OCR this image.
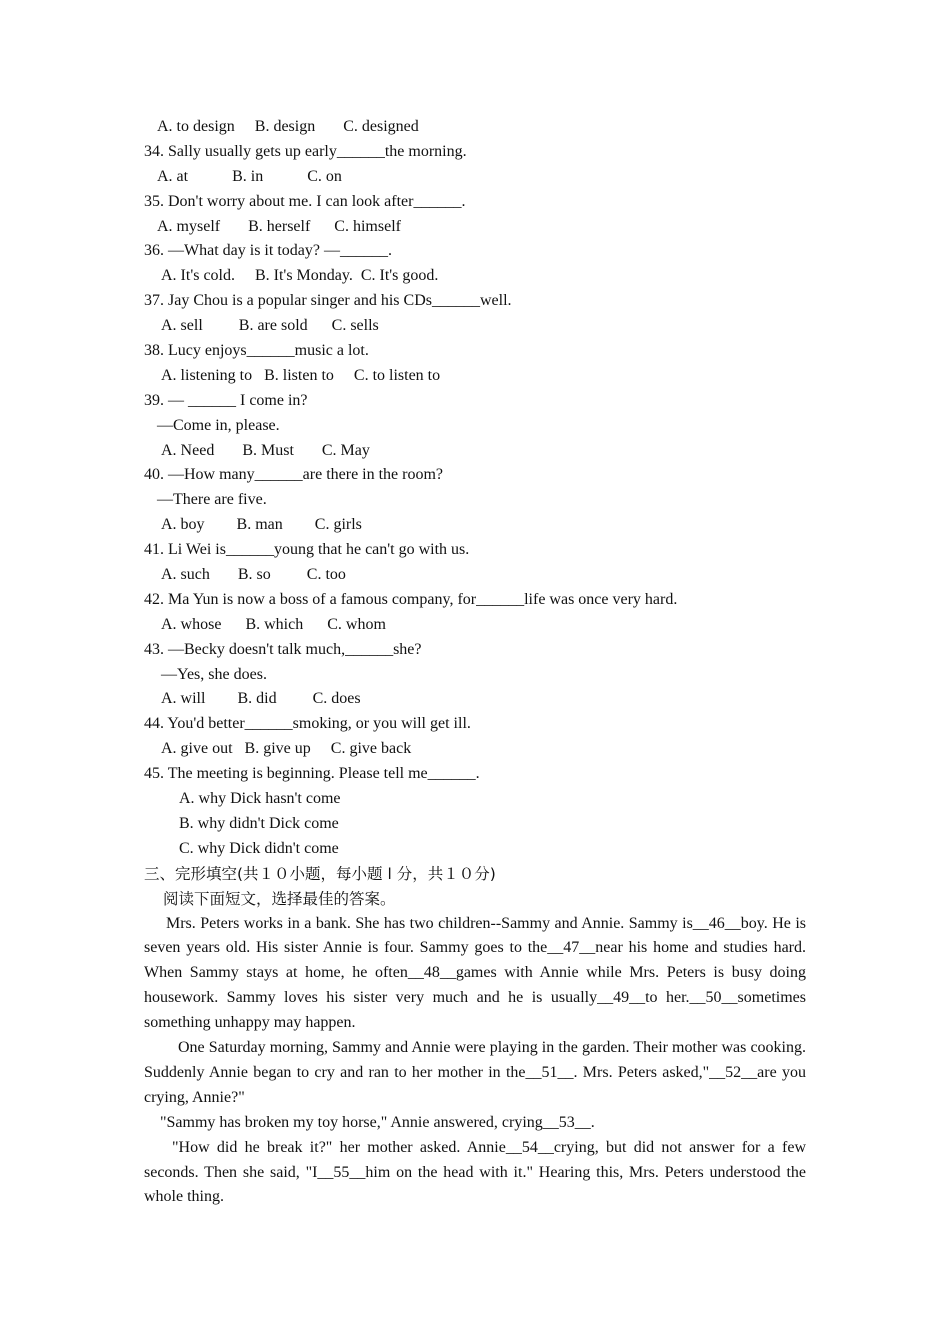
A. to design     B. design       C. designed
34. Sally usually gets up early______the morning.
A. at           B. in           C. on
35. Don't worry about me. I can look after______.
A. myself       B. herself      C. himself
36. —What day is it today? —______.
A. It's cold.     B. It's Monday.  C. It's good.
37. Jay Chou is a popular singer and his CDs______well.
A. sell         B. are sold      C. sells
38. Lucy enjoys______music a lot.
A. listening to   B. listen to     C. to listen to
39. — ______ I come in?
—Come in, please.
A. Need       B. Must       C. May
40. —How many______are there in the room?
—There are five.
A. boy        B. man        C. girls
41. Li Wei is______young that he can't go with us.
A. such       B. so         C. too
42. Ma Yun is now a boss of a famous company, for______life was once very hard.
A. whose      B. which      C. whom
43. —Becky doesn't talk much,______she?
—Yes, she does.
A. will        B. did         C. does
44. You'd better______smoking, or you will get ill.
A. give out   B. give up     C. give back
45. The meeting is beginning. Please tell me______.
A. why Dick hasn't come
B. why didn't Dick come
C. why Dick didn't come
三、完形填空(共１０小题，每小题 l 分，共１０分)
阅读下面短文，选择最佳的答案。

Mrs. Peters works in a bank. She has two children--Sammy and Annie. Sammy is__46__boy. He is seven years old. His sister Annie is four. Sammy goes to the__47__near his home and studies hard. When Sammy stays at home, he often__48__games with Annie while Mrs. Peters is busy doing housework. Sammy loves his sister very much and he is usually__49__to her.__50__sometimes something unhappy may happen.

One Saturday morning, Sammy and Annie were playing in the garden. Their mother was cooking. Suddenly Annie began to cry and ran to her mother in the__51__. Mrs. Peters asked,"__52__are you crying, Annie?"

"Sammy has broken my toy horse," Annie answered, crying__53__.

"How did he break it?" her mother asked. Annie__54__crying, but did not answer for a few seconds. Then she said, "I__55__him on the head with it." Hearing this, Mrs. Peters understood the whole thing.
